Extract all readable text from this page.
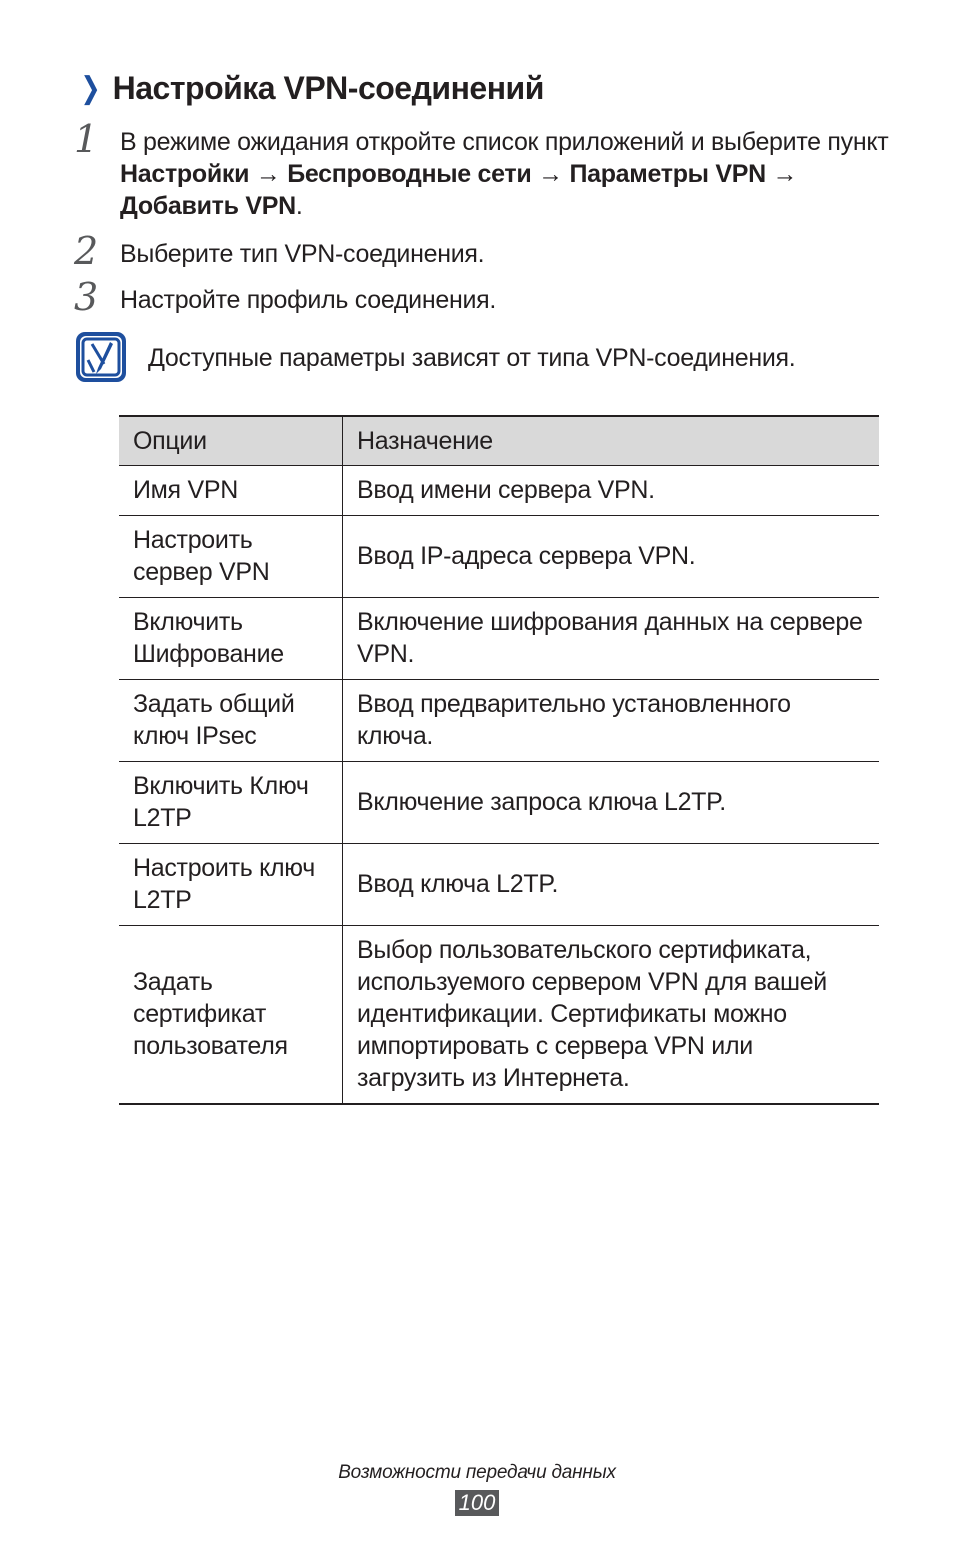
❯ Настройка VPN-соединений
1 В режиме ожидания откройте список приложений и выберите пункт Настройки → Беспроводные сети → Параметры VPN → Добавить VPN.
2 Выберите тип VPN-соединения.
3 Настройте профиль соединения.
Доступные параметры зависят от типа VPN-соединения.
Опции	Назначение
Имя VPN	Ввод имени сервера VPN.
Настроить сервер VPN	Ввод IP-адреса сервера VPN.
Включить Шифрование	Включение шифрования данных на сервере VPN.
Задать общий ключ IPsec	Ввод предварительно установленного ключа.
Включить Ключ L2TP	Включение запроса ключа L2TP.
Настроить ключ L2TP	Ввод ключа L2TP.
Задать сертификат пользователя	Выбор пользовательского сертификата, используемого сервером VPN для вашей идентификации. Сертификаты можно импортировать с сервера VPN или загрузить из Интернета.
Возможности передачи данных
100
